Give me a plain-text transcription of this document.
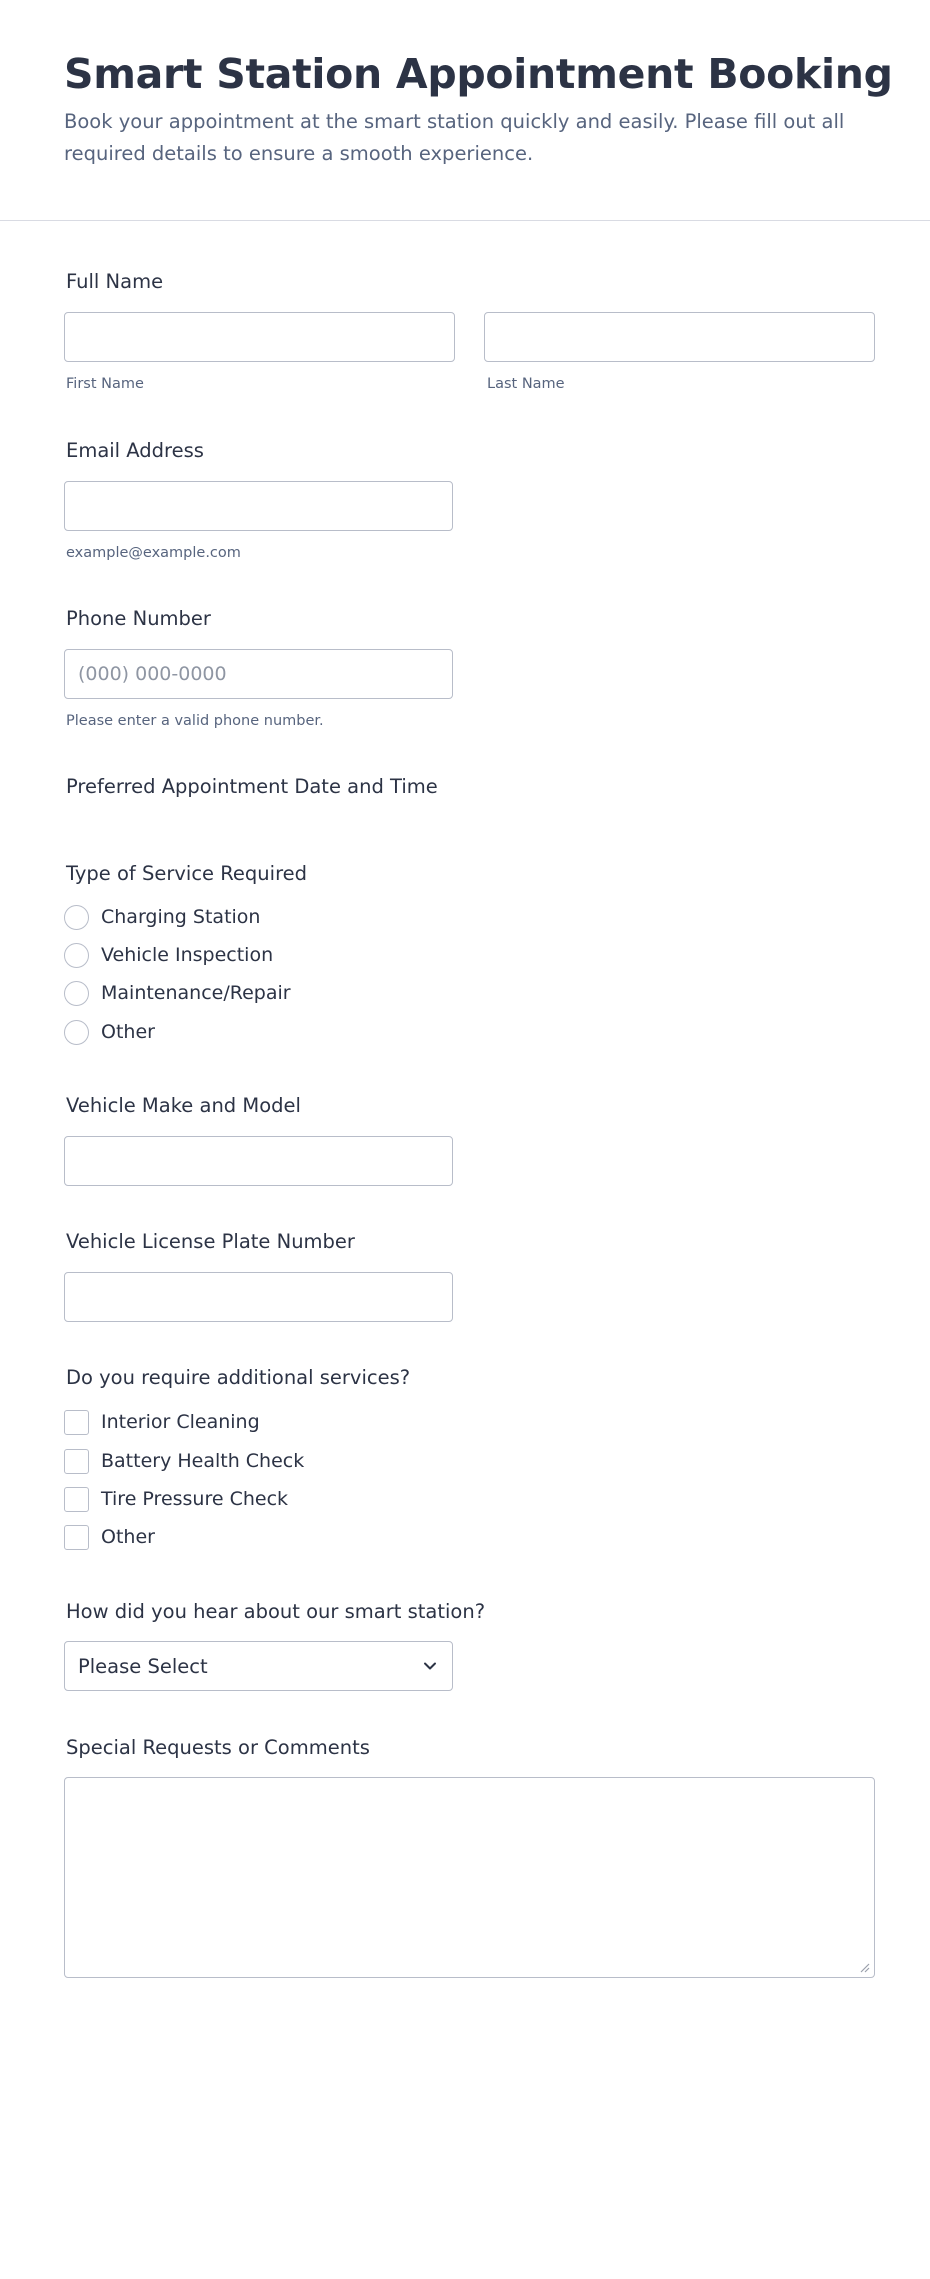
Smart Station Appointment Booking
Book your appointment at the smart station quickly and easily. Please fill out all required details to ensure a smooth experience.
Full Name
First Name	Last Name
Email Address
example@example.com
Phone Number
(000) 000-0000
Please enter a valid phone number.
Preferred Appointment Date and Time
Type of Service Required
Charging Station
Vehicle Inspection
Maintenance/Repair
Other
Vehicle Make and Model
Vehicle License Plate Number
Do you require additional services?
Interior Cleaning
Battery Health Check
Tire Pressure Check
Other
How did you hear about our smart station?
Please Select
Special Requests or Comments
